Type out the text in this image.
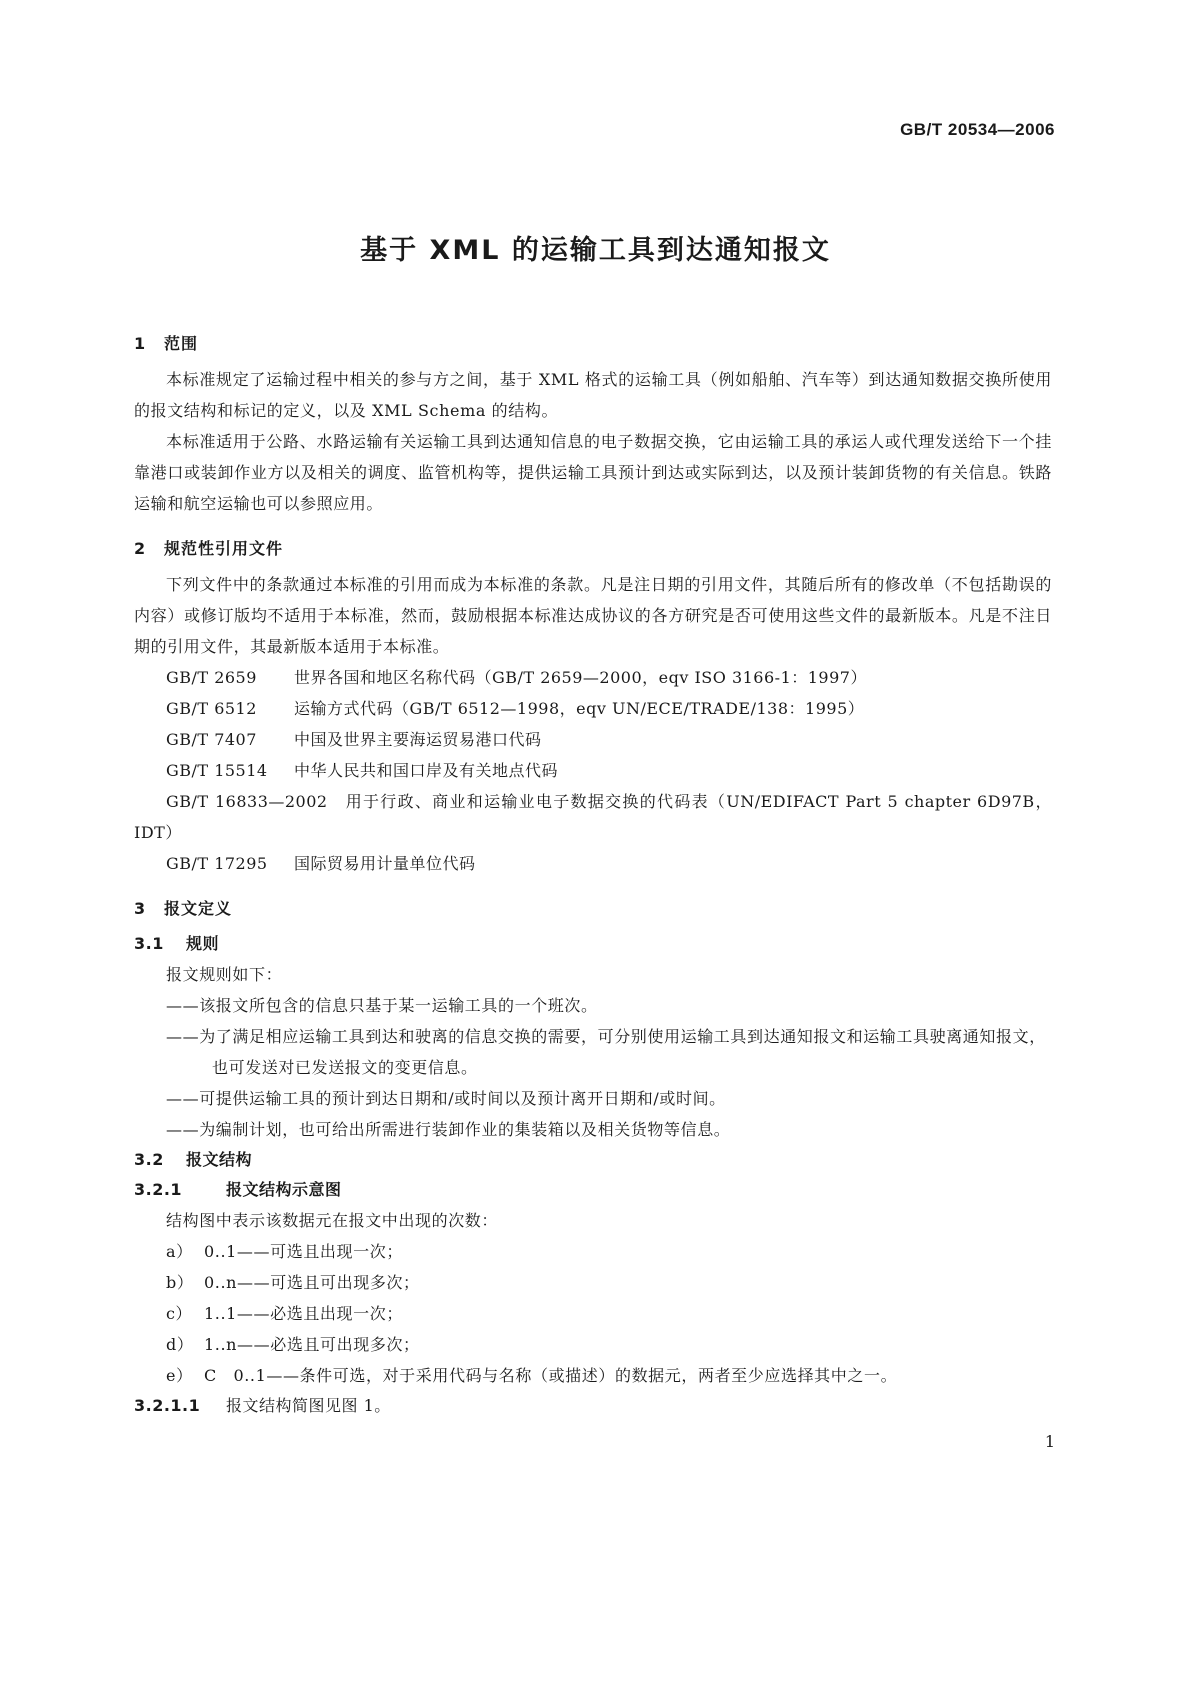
GB/T 20534—2006
基于 XML 的运输工具到达通知报文
1 范围

本标准规定了运输过程中相关的参与方之间，基于 XML 格式的运输工具（例如船舶、汽车等）到达通知数据交换所使用的报文结构和标记的定义，以及 XML Schema 的结构。

本标准适用于公路、水路运输有关运输工具到达通知信息的电子数据交换，它由运输工具的承运人或代理发送给下一个挂靠港口或装卸作业方以及相关的调度、监管机构等，提供运输工具预计到达或实际到达，以及预计装卸货物的有关信息。铁路运输和航空运输也可以参照应用。

2 规范性引用文件

下列文件中的条款通过本标准的引用而成为本标准的条款。凡是注日期的引用文件，其随后所有的修改单（不包括勘误的内容）或修订版均不适用于本标准，然而，鼓励根据本标准达成协议的各方研究是否可使用这些文件的最新版本。凡是不注日期的引用文件，其最新版本适用于本标准。

GB/T 2659 世界各国和地区名称代码（GB/T 2659—2000，eqv ISO 3166-1：1997）

GB/T 6512 运输方式代码（GB/T 6512—1998，eqv UN/ECE/TRADE/138：1995）

GB/T 7407 中国及世界主要海运贸易港口代码

GB/T 15514 中华人民共和国口岸及有关地点代码

GB/T 16833—2002　 用于行政、商业和运输业电子数据交换的代码表（UN/EDIFACT Part 5 chapter 6D97B，IDT）

GB/T 17295 国际贸易用计量单位代码

3 报文定义
3.1 规则

报文规则如下：

——该报文所包含的信息只基于某一运输工具的一个班次。

——为了满足相应运输工具到达和驶离的信息交换的需要，可分别使用运输工具到达通知报文和运输工具驶离通知报文，也可发送对已发送报文的变更信息。

——可提供运输工具的预计到达日期和/或时间以及预计离开日期和/或时间。

——为编制计划，也可给出所需进行装卸作业的集装箱以及相关货物等信息。

3.2 报文结构
3.2.1	报文结构示意图

结构图中表示该数据元在报文中出现的次数：

a） 0..1——可选且出现一次；

b） 0..n——可选且可出现多次；

c） 1..1——必选且出现一次；

d） 1..n——必选且可出现多次；

e） C　0..1——条件可选，对于采用代码与名称（或描述）的数据元，两者至少应选择其中之一。

3.2.1.1 报文结构简图见图 1。
1
